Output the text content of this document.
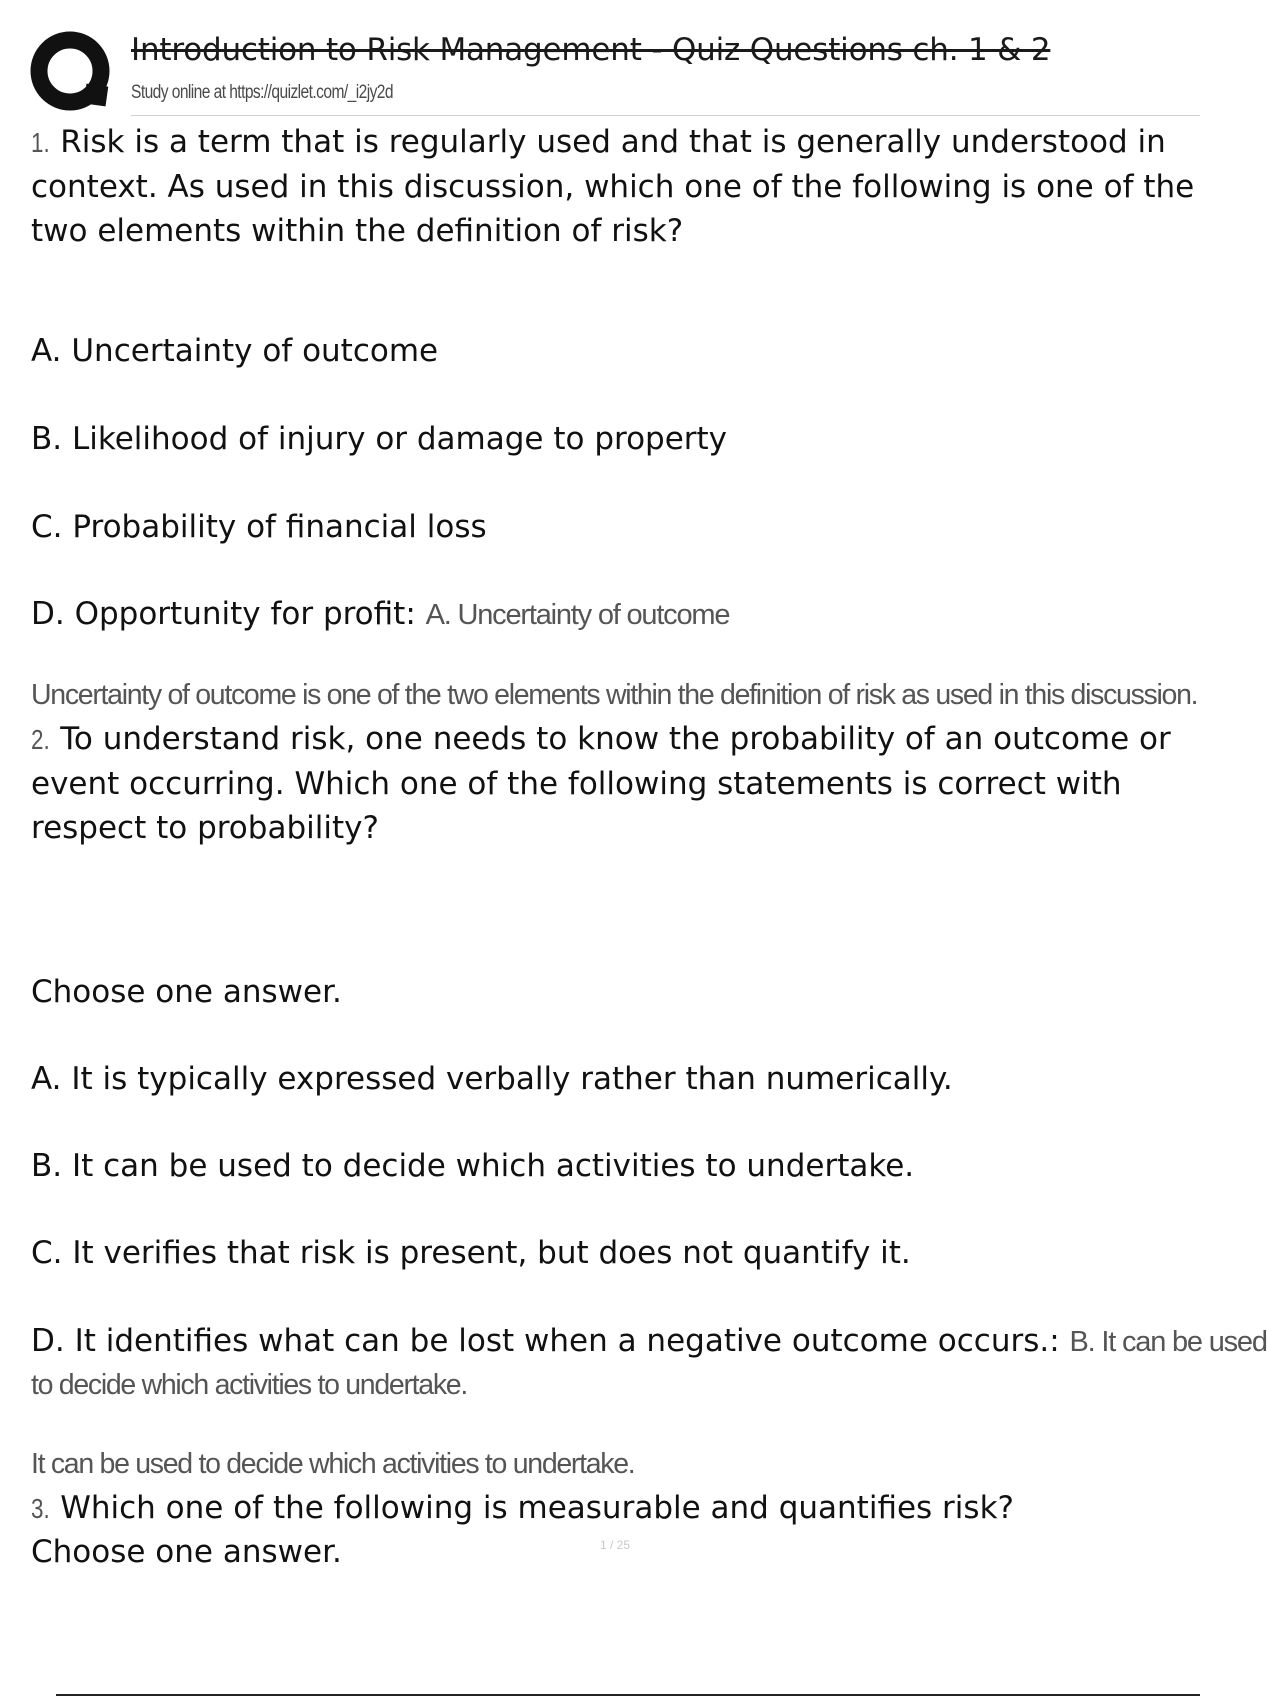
Introduction to Risk Management - Quiz Questions ch. 1 & 2
Study online at https://quizlet.com/_i2jy2d

1. Risk is a term that is regularly used and that is generally understood in context. As used in this discussion, which one of the following is one of the two elements within the definition of risk?

A. Uncertainty of outcome

B. Likelihood of injury or damage to property

C. Probability of financial loss

D. Opportunity for profit: A. Uncertainty of outcome

Uncertainty of outcome is one of the two elements within the definition of risk as used in this discussion.

2. To understand risk, one needs to know the probability of an outcome or event occurring. Which one of the following statements is correct with respect to probability?

Choose one answer.

A. It is typically expressed verbally rather than numerically.

B. It can be used to decide which activities to undertake.

C. It verifies that risk is present, but does not quantify it.

D. It identifies what can be lost when a negative outcome occurs.: B. It can be used

to decide which activities to undertake.

It can be used to decide which activities to undertake.

3. Which one of the following is measurable and quantifies risk?

Choose one answer.	1 / 25
